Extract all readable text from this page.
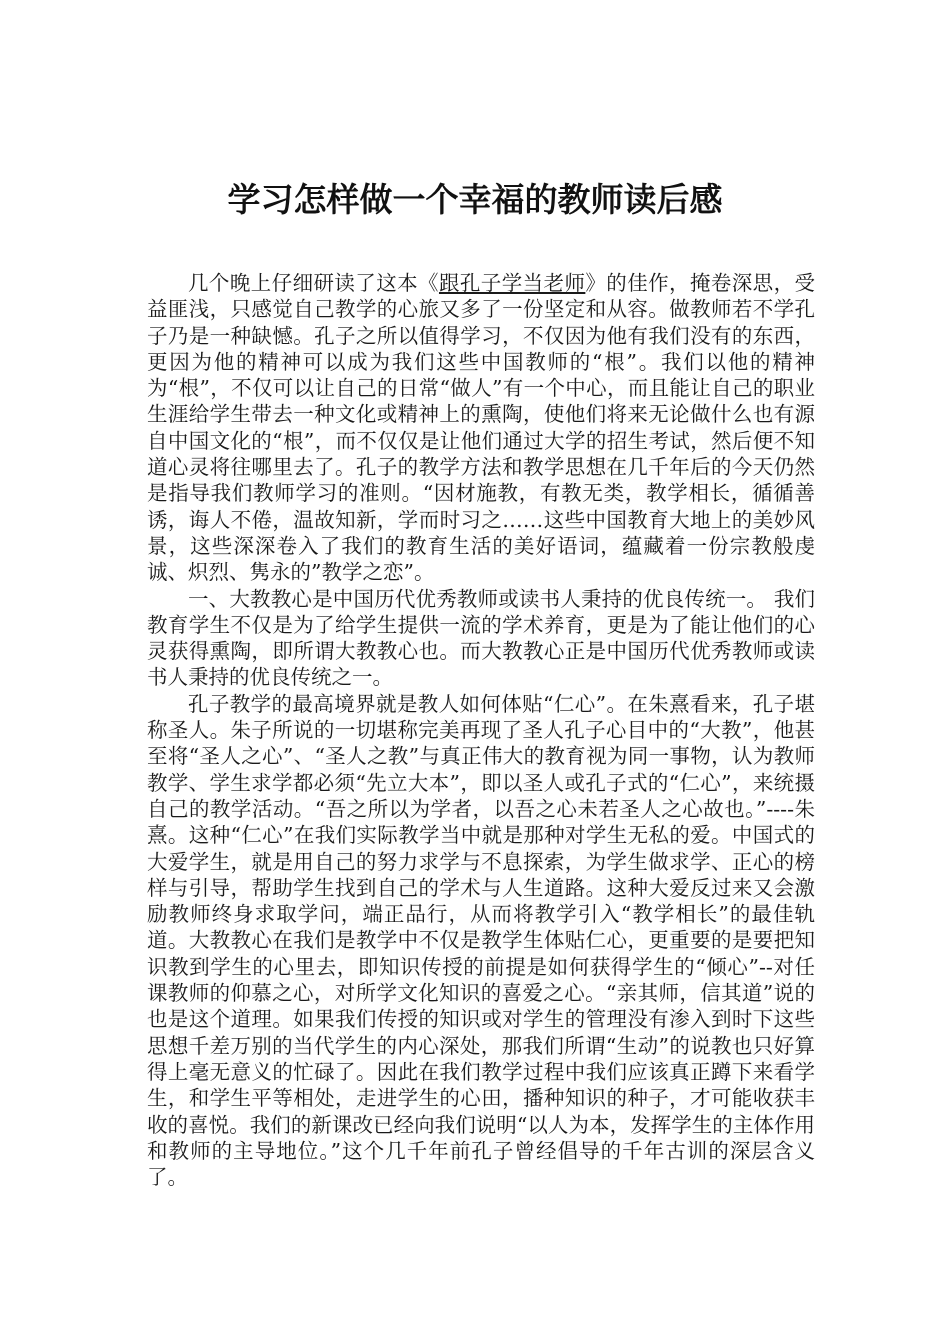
学习怎样做一个幸福的教师读后感

几个晚上仔细研读了这本《跟孔子学当老师》的佳作，掩卷深思，受益匪浅，只感觉自己教学的心旅又多了一份坚定和从容。做教师若不学孔子乃是一种缺憾。孔子之所以值得学习，不仅因为他有我们没有的东西，更因为他的精神可以成为我们这些中国教师的“根”。我们以他的精神为“根”，不仅可以让自己的日常“做人”有一个中心，而且能让自己的职业生涯给学生带去一种文化或精神上的熏陶，使他们将来无论做什么也有源自中国文化的“根”，而不仅仅是让他们通过大学的招生考试，然后便不知道心灵将往哪里去了。孔子的教学方法和教学思想在几千年后的今天仍然是指导我们教师学习的准则。“因材施教，有教无类，教学相长，循循善诱，诲人不倦，温故知新，学而时习之……这些中国教育大地上的美妙风景，这些深深卷入了我们的教育生活的美好语词，蕴藏着一份宗教般虔诚、炽烈、隽永的”教学之恋”。

一、大教教心是中国历代优秀教师或读书人秉持的优良传统一。 我们教育学生不仅是为了给学生提供一流的学术养育，更是为了能让他们的心灵获得熏陶，即所谓大教教心也。而大教教心正是中国历代优秀教师或读书人秉持的优良传统之一。

孔子教学的最高境界就是教人如何体贴“仁心”。在朱熹看来，孔子堪称圣人。朱子所说的一切堪称完美再现了圣人孔子心目中的“大教”，他甚至将“圣人之心”、“圣人之教”与真正伟大的教育视为同一事物，认为教师教学、学生求学都必须“先立大本”，即以圣人或孔子式的“仁心”，来统摄自己的教学活动。“吾之所以为学者，以吾之心未若圣人之心故也。”----朱熹。这种“仁心”在我们实际教学当中就是那种对学生无私的爱。中国式的大爱学生，就是用自己的努力求学与不息探索，为学生做求学、正心的榜样与引导，帮助学生找到自己的学术与人生道路。这种大爱反过来又会激励教师终身求取学问，端正品行，从而将教学引入“教学相长”的最佳轨道。大教教心在我们是教学中不仅是教学生体贴仁心，更重要的是要把知识教到学生的心里去，即知识传授的前提是如何获得学生的“倾心”--对任课教师的仰慕之心，对所学文化知识的喜爱之心。“亲其师，信其道”说的也是这个道理。如果我们传授的知识或对学生的管理没有渗入到时下这些思想千差万别的当代学生的内心深处，那我们所谓“生动”的说教也只好算得上毫无意义的忙碌了。因此在我们教学过程中我们应该真正蹲下来看学生，和学生平等相处，走进学生的心田，播种知识的种子，才可能收获丰收的喜悦。我们的新课改已经向我们说明“以人为本，发挥学生的主体作用和教师的主导地位。”这个几千年前孔子曾经倡导的千年古训的深层含义了。
